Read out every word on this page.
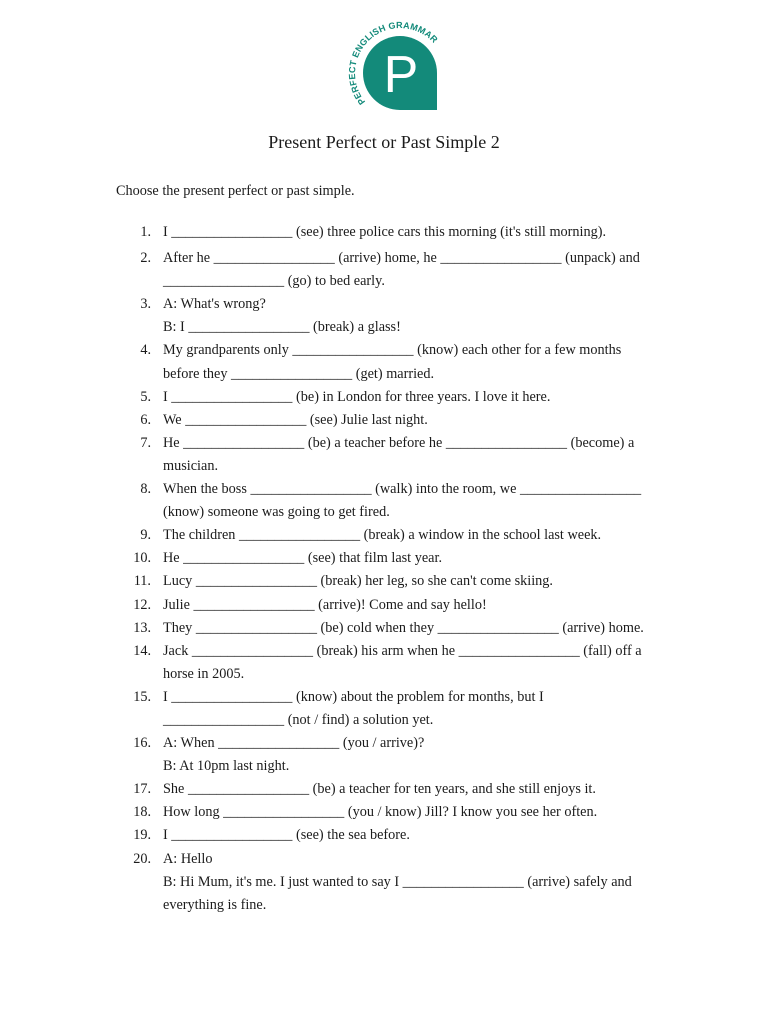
PERFECT ENGLISH GRAMMAR
P
Present Perfect or Past Simple 2
Choose the present perfect or past simple.
1. I _________________ (see) three police cars this morning (it's still morning).
2. After he _________________ (arrive) home, he _________________ (unpack) and
_________________ (go) to bed early.
3. A: What's wrong?
B: I _________________ (break) a glass!
4. My grandparents only _________________ (know) each other for a few months
before they _________________ (get) married.
5. I _________________ (be) in London for three years. I love it here.
6. We _________________ (see) Julie last night.
7. He _________________ (be) a teacher before he _________________ (become) a
musician.
8. When the boss _________________ (walk) into the room, we _________________
(know) someone was going to get fired.
9. The children _________________ (break) a window in the school last week.
10. He _________________ (see) that film last year.
11. Lucy _________________ (break) her leg, so she can't come skiing.
12. Julie _________________ (arrive)! Come and say hello!
13. They _________________ (be) cold when they _________________ (arrive) home.
14. Jack _________________ (break) his arm when he _________________ (fall) off a
horse in 2005.
15. I _________________ (know) about the problem for months, but I
_________________ (not / find) a solution yet.
16. A: When _________________ (you / arrive)?
B: At 10pm last night.
17. She _________________ (be) a teacher for ten years, and she still enjoys it.
18. How long _________________ (you / know) Jill? I know you see her often.
19. I _________________ (see) the sea before.
20. A: Hello
B: Hi Mum, it's me. I just wanted to say I _________________ (arrive) safely and
everything is fine.
